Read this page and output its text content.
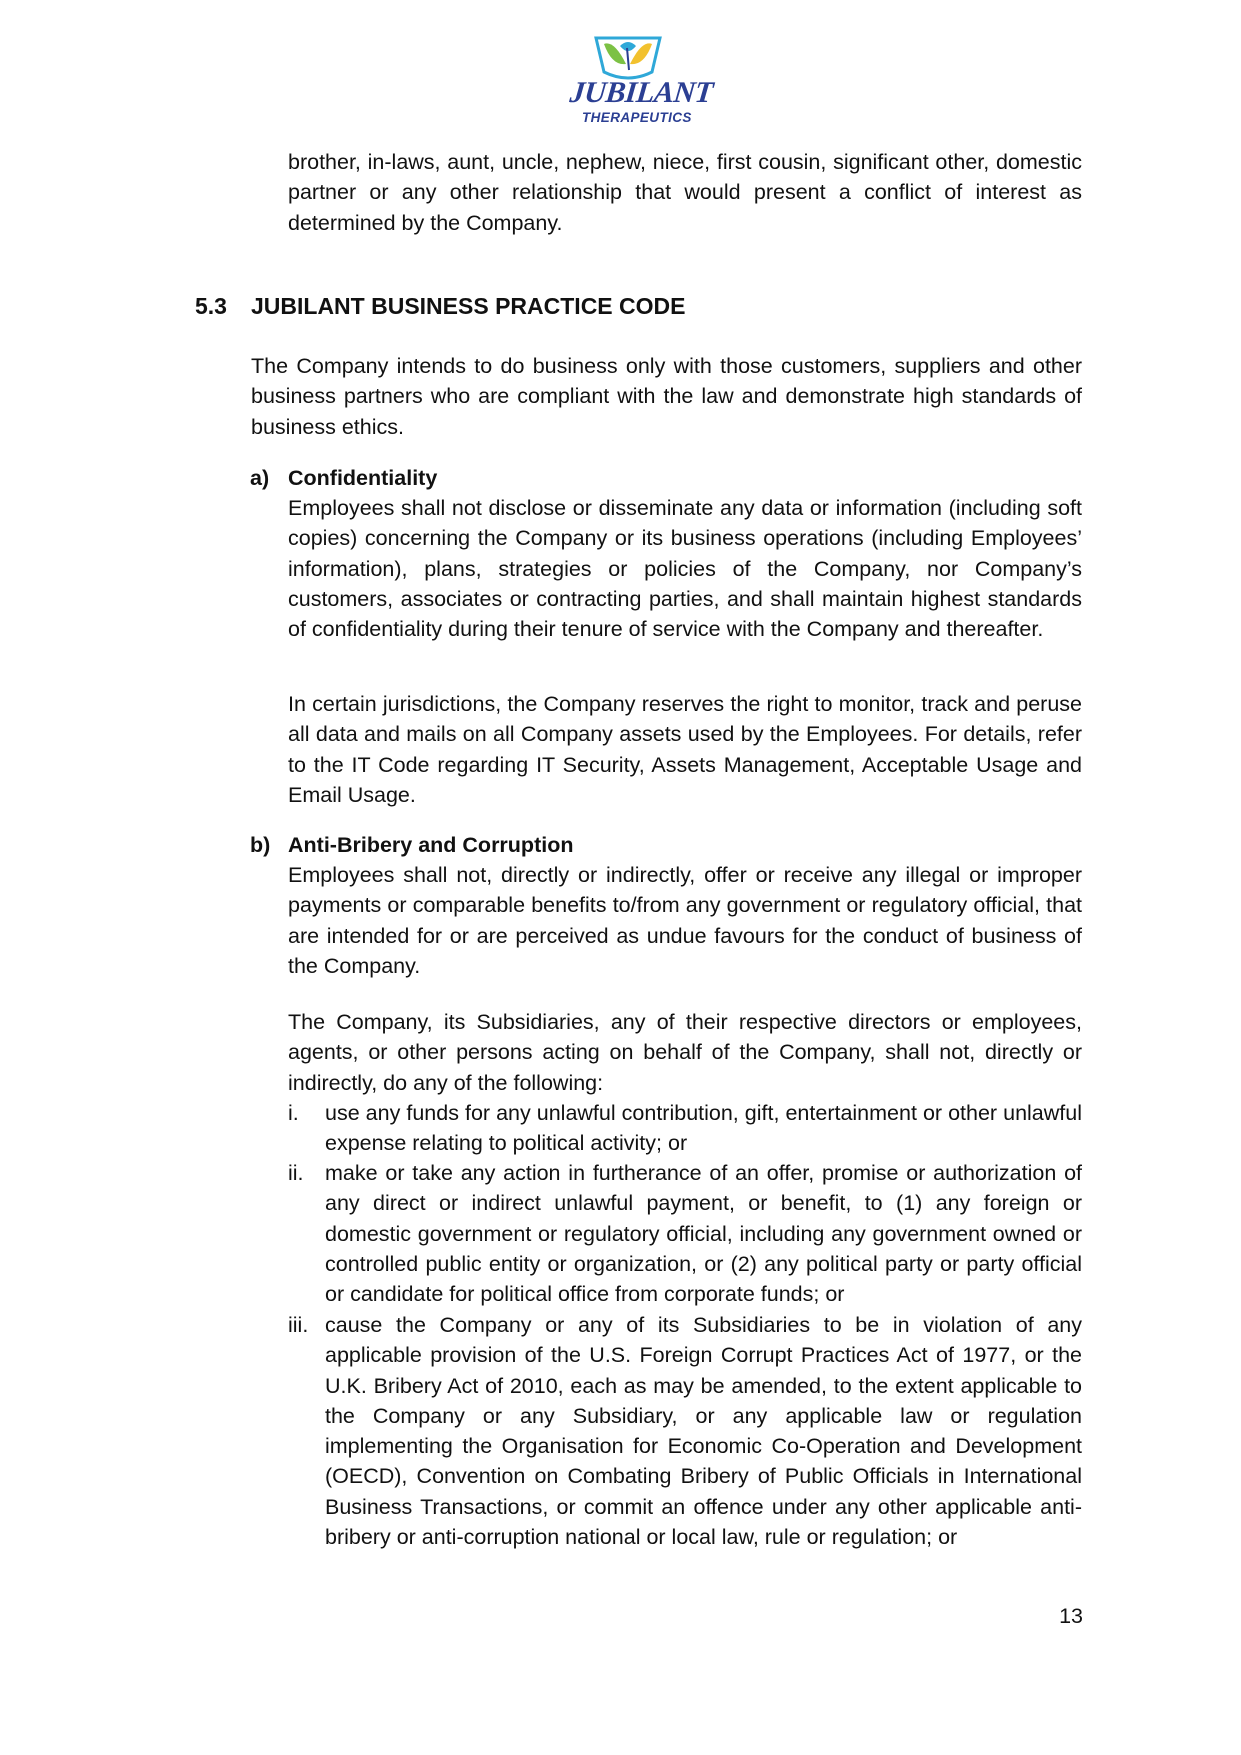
JUBILANT
THERAPEUTICS

brother, in-laws, aunt, uncle, nephew, niece, first cousin, significant other, domestic partner or any other relationship that would present a conflict of interest as determined by the Company.

5.3 JUBILANT BUSINESS PRACTICE CODE

The Company intends to do business only with those customers, suppliers and other business partners who are compliant with the law and demonstrate high standards of business ethics.

a) Confidentiality

Employees shall not disclose or disseminate any data or information (including soft copies) concerning the Company or its business operations (including Employees’ information), plans, strategies or policies of the Company, nor Company’s customers, associates or contracting parties, and shall maintain highest standards of confidentiality during their tenure of service with the Company and thereafter.

In certain jurisdictions, the Company reserves the right to monitor, track and peruse all data and mails on all Company assets used by the Employees. For details, refer to the IT Code regarding IT Security, Assets Management, Acceptable Usage and Email Usage.

b) Anti-Bribery and Corruption

Employees shall not, directly or indirectly, offer or receive any illegal or improper payments or comparable benefits to/from any government or regulatory official, that are intended for or are perceived as undue favours for the conduct of business of the Company.

The Company, its Subsidiaries, any of their respective directors or employees, agents, or other persons acting on behalf of the Company, shall not, directly or indirectly, do any of the following:

i. use any funds for any unlawful contribution, gift, entertainment or other unlawful expense relating to political activity; or

ii. make or take any action in furtherance of an offer, promise or authorization of any direct or indirect unlawful payment, or benefit, to (1) any foreign or domestic government or regulatory official, including any government owned or controlled public entity or organization, or (2) any political party or party official or candidate for political office from corporate funds; or

iii. cause the Company or any of its Subsidiaries to be in violation of any applicable provision of the U.S. Foreign Corrupt Practices Act of 1977, or the U.K. Bribery Act of 2010, each as may be amended, to the extent applicable to the Company or any Subsidiary, or any applicable law or regulation implementing the Organisation for Economic Co-Operation and Development (OECD), Convention on Combating Bribery of Public Officials in International Business Transactions, or commit an offence under any other applicable anti-bribery or anti-corruption national or local law, rule or regulation; or

13
